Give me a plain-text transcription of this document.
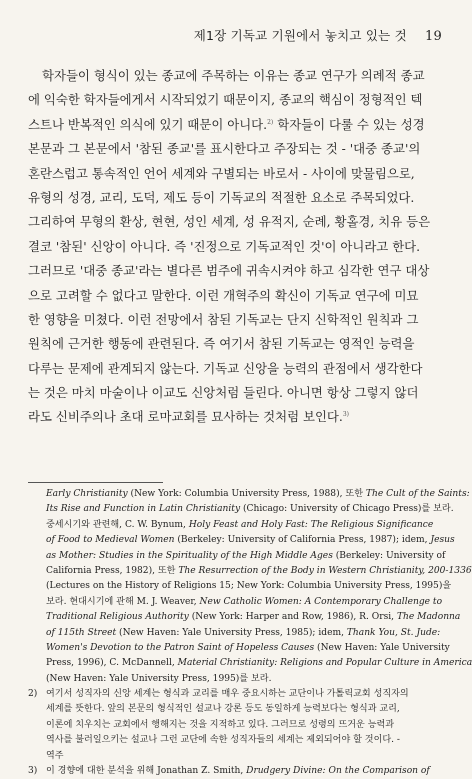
제1장 기독교 기원에서 놓치고 있는 것 19
학자들이 형식이 있는 종교에 주목하는 이유는 종교 연구가 의례적 종교
에 익숙한 학자들에게서 시작되었기 때문이지, 종교의 핵심이 정형적인 텍
스트나 반복적인 의식에 있기 때문이 아니다.$^{2)}$ 학자들이 다룰 수 있는 성경
본문과 그 본문에서 '참된 종교'를 표시한다고 주장되는 것 - '대중 종교'의
혼란스럽고 통속적인 언어 세계와 구별되는 바로서 - 사이에 맞물림으로,
유형의 성경, 교리, 도덕, 제도 등이 기독교의 적절한 요소로 주목되었다.
그리하여 무형의 환상, 현현, 성인 세계, 성 유적지, 순례, 황홀경, 치유 등은
결코 '참된' 신앙이 아니다. 즉 '진정으로 기독교적인 것'이 아니라고 한다.
그러므로 '대중 종교'라는 별다른 범주에 귀속시켜야 하고 심각한 연구 대상
으로 고려할 수 없다고 말한다. 이런 개혁주의 확신이 기독교 연구에 미묘
한 영향을 미쳤다. 이런 전망에서 참된 기독교는 단지 신학적인 원칙과 그
원칙에 근거한 행동에 관련된다. 즉 여기서 참된 기독교는 영적인 능력을
다루는 문제에 관계되지 않는다. 기독교 신앙을 능력의 관점에서 생각한다
는 것은 마치 마술이나 이교도 신앙처럼 들린다. 아니면 항상 그렇지 않더
라도 신비주의나 초대 로마교회를 묘사하는 것처럼 보인다.$^{3)}$
Early Christianity (New York: Columbia University Press, 1988), 또한 The Cult of the Saints:
Its Rise and Function in Latin Christianity (Chicago: University of Chicago Press)를 보라.
중세시기와 관련해, C. W. Bynum, Holy Feast and Holy Fast: The Religious Significance
of Food to Medieval Women (Berkeley: University of California Press, 1987); idem, Jesus
as Mother: Studies in the Spirituality of the High Middle Ages (Berkeley: University of
California Press, 1982), 또한 The Resurrection of the Body in Western Christianity, 200-1336
(Lectures on the History of Religions 15; New York: Columbia University Press, 1995)을
보라. 현대시기에 관해 M. J. Weaver, New Catholic Women: A Contemporary Challenge to
Traditional Religious Authority (New York: Harper and Row, 1986), R. Orsi, The Madonna
of 115th Street (New Haven: Yale University Press, 1985); idem, Thank You, St. Jude:
Women's Devotion to the Patron Saint of Hopeless Causes (New Haven: Yale University
Press, 1996), C. McDannell, Material Christianity: Religions and Popular Culture in America
(New Haven: Yale University Press, 1995)를 보라.
2) 여기서 성직자의 신앙 세계는 형식과 교리를 매우 중요시하는 교단이나 가톨릭교회 성직자의
세계를 뜻한다. 앞의 본문의 형식적인 설교나 강론 등도 동일하게 능력보다는 형식과 교리,
이론에 치우치는 교회에서 행해지는 것을 지적하고 있다. 그러므로 성령의 뜨거운 능력과
역사를 불러일으키는 설교나 그런 교단에 속한 성직자들의 세계는 제외되어야 할 것이다. -
역주
3) 이 경향에 대한 분석을 위해 Jonathan Z. Smith, Drudgery Divine: On the Comparison of
